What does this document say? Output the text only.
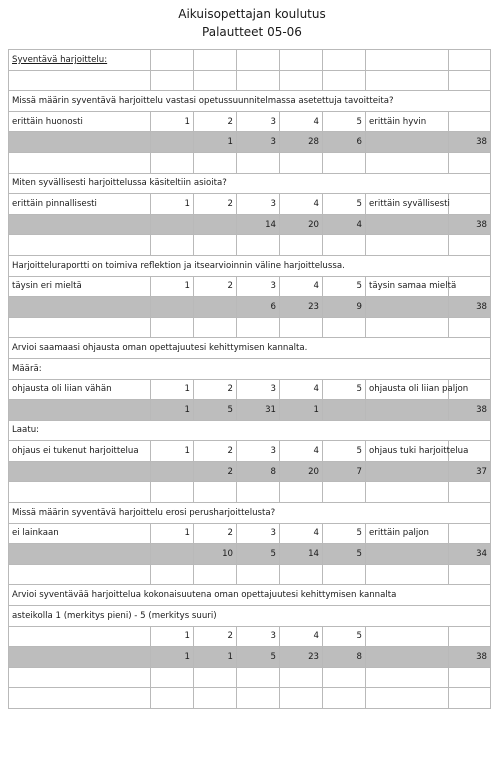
Aikuisopettajan koulutus
Palautteet 05-06
Syventävä harjoittelu:							

Missä määrin syventävä harjoittelu vastasi opetussuunnitelmassa asetettuja tavoitteita?							
erittäin huonosti	1	2	3	4	5	erittäin hyvin	
		1	3	28	6		38

Miten syvällisesti harjoittelussa käsiteltiin asioita?							
erittäin pinnallisesti	1	2	3	4	5	erittäin syvällisesti	
			14	20	4		38

Harjoitteluraportti on toimiva reflektion ja itsearvioinnin väline harjoittelussa.							
täysin eri mieltä	1	2	3	4	5	täysin samaa mieltä	
			6	23	9		38

Arvioi saamaasi ohjausta oman opettajuutesi kehittymisen kannalta.							
Määrä:							
ohjausta oli liian vähän	1	2	3	4	5	ohjausta oli liian paljon	
	1	5	31	1			38
Laatu:							
ohjaus ei tukenut harjoittelua	1	2	3	4	5	ohjaus tuki harjoittelua	
		2	8	20	7		37

Missä määrin syventävä harjoittelu erosi perusharjoittelusta?							
ei lainkaan	1	2	3	4	5	erittäin paljon	
		10	5	14	5		34

Arvioi syventävää harjoittelua kokonaisuutena oman opettajuutesi kehittymisen kannalta							
asteikolla 1 (merkitys pieni) - 5 (merkitys suuri)							
	1	2	3	4	5		
	1	1	5	23	8		38
